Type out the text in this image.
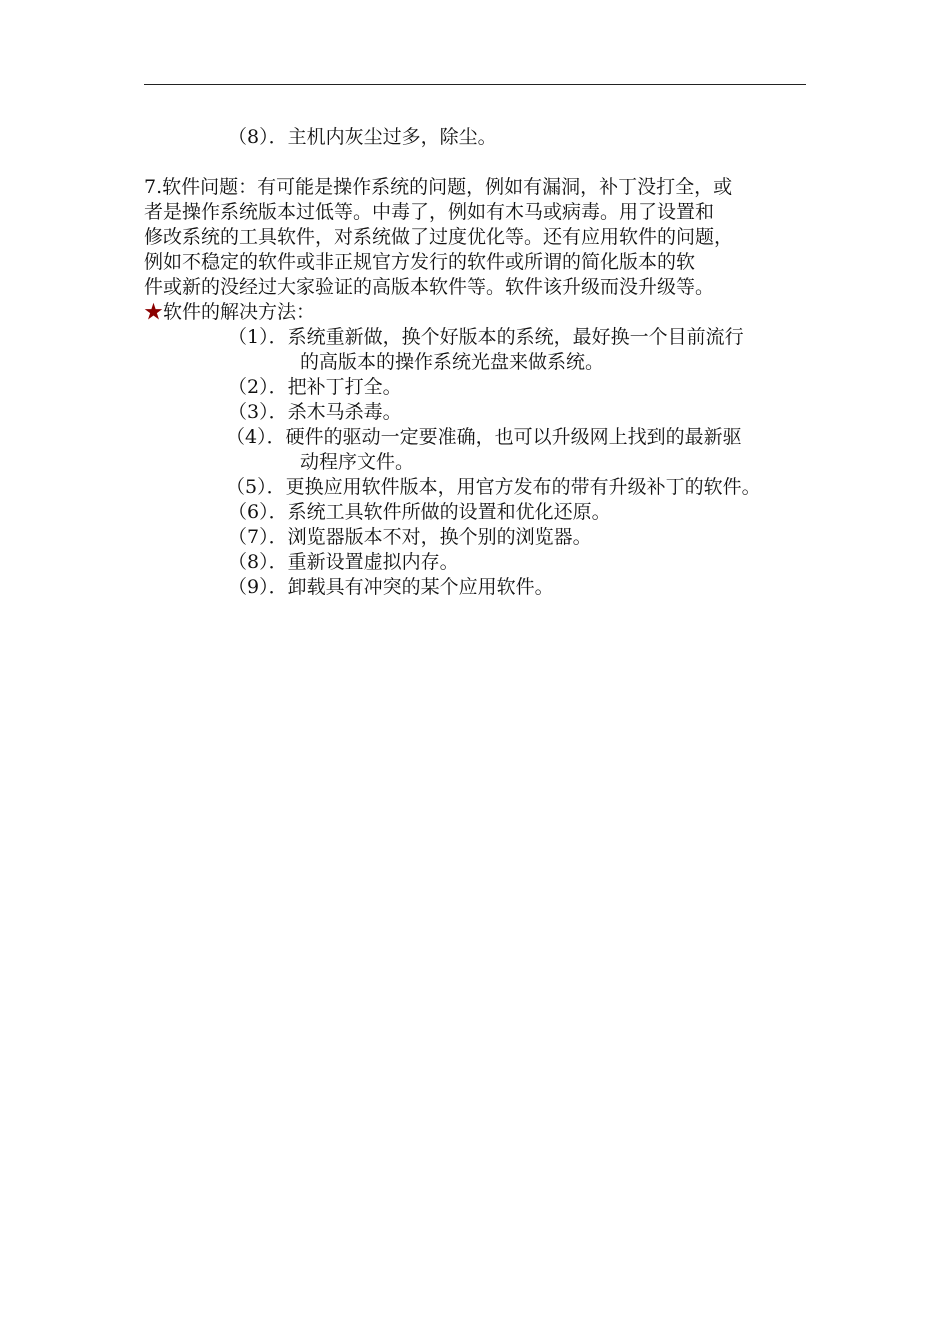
（8）．主机内灰尘过多，除尘。
7.软件问题：有可能是操作系统的问题，例如有漏洞，补丁没打全，或
者是操作系统版本过低等。中毒了，例如有木马或病毒。用了设置和
修改系统的工具软件，对系统做了过度优化等。还有应用软件的问题，
例如不稳定的软件或非正规官方发行的软件或所谓的简化版本的软
件或新的没经过大家验证的高版本软件等。软件该升级而没升级等。
★软件的解决方法：
（1）．系统重新做，换个好版本的系统，最好换一个目前流行
的高版本的操作系统光盘来做系统。
（2）．把补丁打全。
（3）．杀木马杀毒。
（4）．硬件的驱动一定要准确，也可以升级网上找到的最新驱
动程序文件。
（5）．更换应用软件版本，用官方发布的带有升级补丁的软件。
（6）．系统工具软件所做的设置和优化还原。
（7）．浏览器版本不对，换个别的浏览器。
（8）．重新设置虚拟内存。
（9）．卸载具有冲突的某个应用软件。
